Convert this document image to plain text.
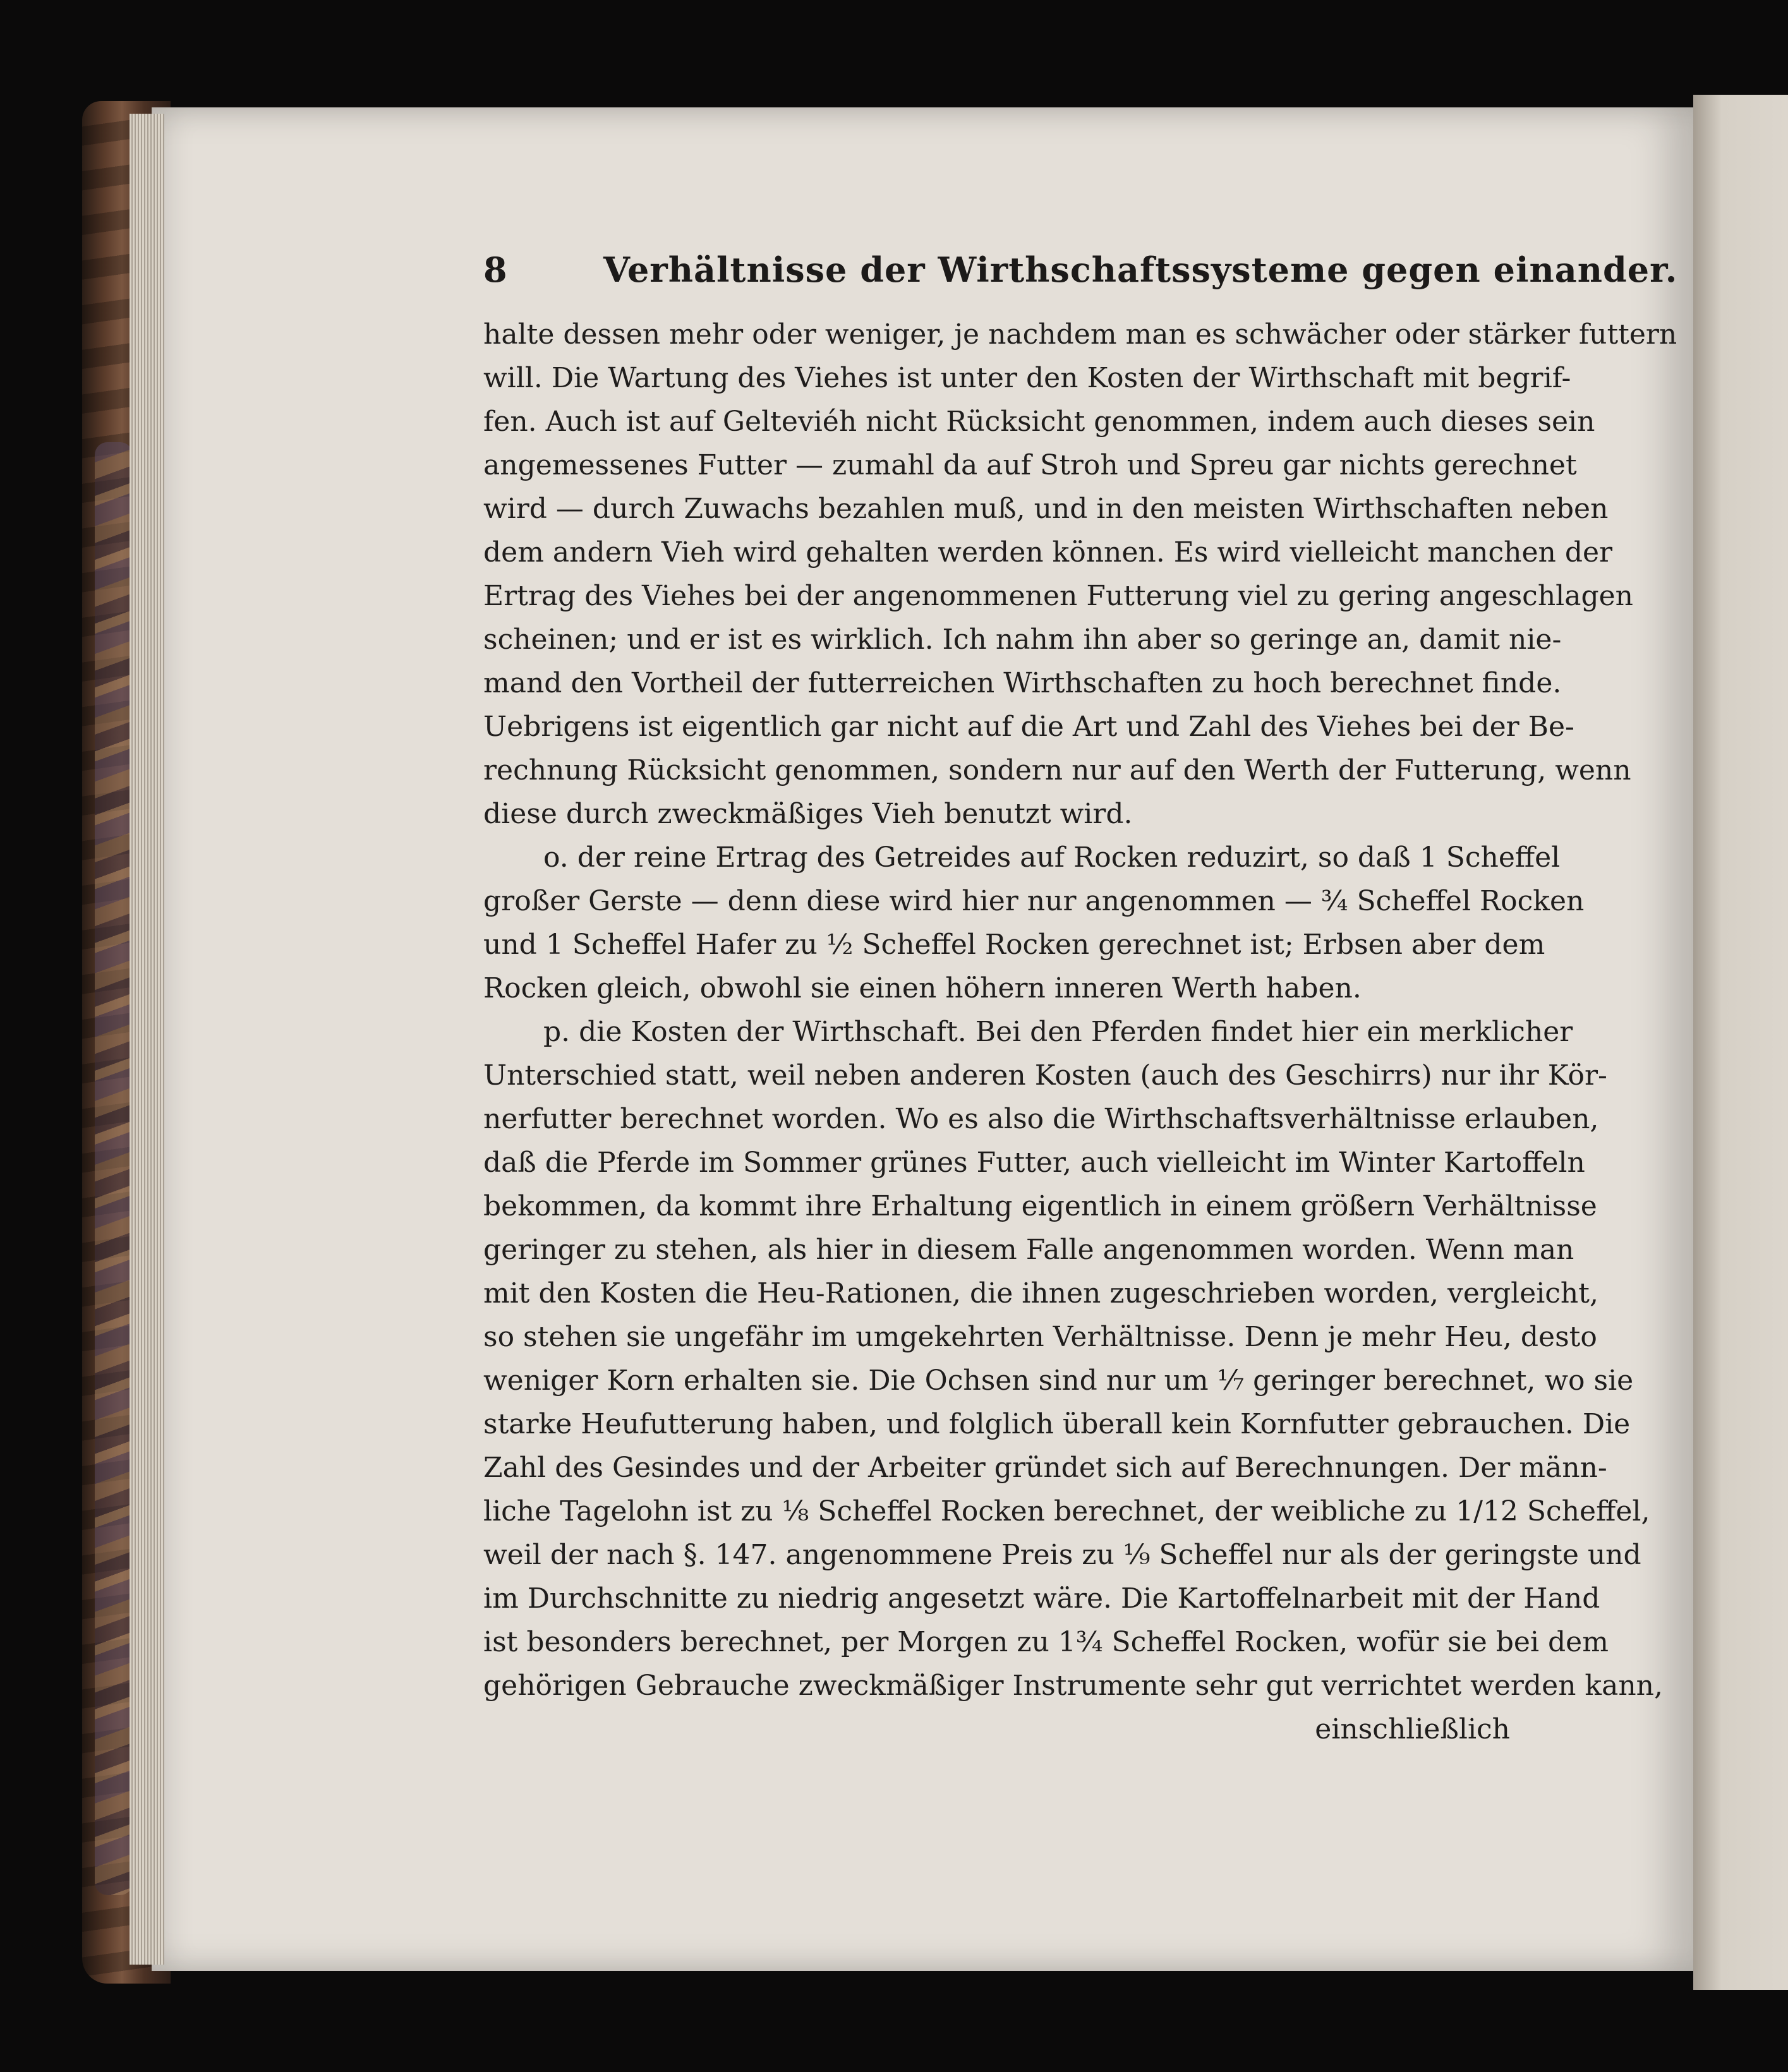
8	Verhältnisse der Wirthschaftssysteme gegen einander.
halte dessen mehr oder weniger, je nachdem man es schwächer oder stärker futtern
will. Die Wartung des Viehes ist unter den Kosten der Wirthschaft mit begrif-
fen. Auch ist auf Gelteviéh nicht Rücksicht genommen, indem auch dieses sein
angemessenes Futter — zumahl da auf Stroh und Spreu gar nichts gerechnet
wird — durch Zuwachs bezahlen muß, und in den meisten Wirthschaften neben
dem andern Vieh wird gehalten werden können. Es wird vielleicht manchen der
Ertrag des Viehes bei der angenommenen Futterung viel zu gering angeschlagen
scheinen; und er ist es wirklich. Ich nahm ihn aber so geringe an, damit nie-
mand den Vortheil der futterreichen Wirthschaften zu hoch berechnet finde.
Uebrigens ist eigentlich gar nicht auf die Art und Zahl des Viehes bei der Be-
rechnung Rücksicht genommen, sondern nur auf den Werth der Futterung, wenn
diese durch zweckmäßiges Vieh benutzt wird.
o. der reine Ertrag des Getreides auf Rocken reduzirt, so daß 1 Scheffel
großer Gerste — denn diese wird hier nur angenommen — ¾ Scheffel Rocken
und 1 Scheffel Hafer zu ½ Scheffel Rocken gerechnet ist; Erbsen aber dem
Rocken gleich, obwohl sie einen höhern inneren Werth haben.
p. die Kosten der Wirthschaft. Bei den Pferden findet hier ein merklicher
Unterschied statt, weil neben anderen Kosten (auch des Geschirrs) nur ihr Kör-
nerfutter berechnet worden. Wo es also die Wirthschaftsverhältnisse erlauben,
daß die Pferde im Sommer grünes Futter, auch vielleicht im Winter Kartoffeln
bekommen, da kommt ihre Erhaltung eigentlich in einem größern Verhältnisse
geringer zu stehen, als hier in diesem Falle angenommen worden. Wenn man
mit den Kosten die Heu-Rationen, die ihnen zugeschrieben worden, vergleicht,
so stehen sie ungefähr im umgekehrten Verhältnisse. Denn je mehr Heu, desto
weniger Korn erhalten sie. Die Ochsen sind nur um ⅐ geringer berechnet, wo sie
starke Heufutterung haben, und folglich überall kein Kornfutter gebrauchen. Die
Zahl des Gesindes und der Arbeiter gründet sich auf Berechnungen. Der männ-
liche Tagelohn ist zu ⅛ Scheffel Rocken berechnet, der weibliche zu 1/12 Scheffel,
weil der nach §. 147. angenommene Preis zu ⅑ Scheffel nur als der geringste und
im Durchschnitte zu niedrig angesetzt wäre. Die Kartoffelnarbeit mit der Hand
ist besonders berechnet, per Morgen zu 1¾ Scheffel Rocken, wofür sie bei dem
gehörigen Gebrauche zweckmäßiger Instrumente sehr gut verrichtet werden kann,
einschließlich
